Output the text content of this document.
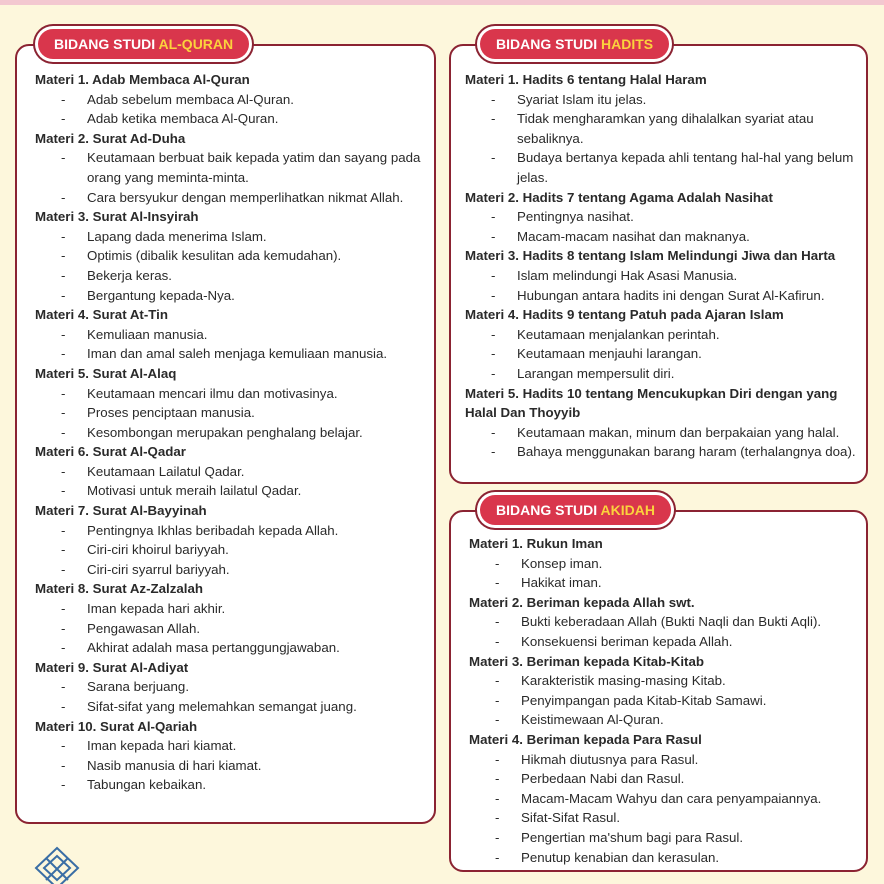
Materi 1. Adab Membaca Al-Quran
- Adab sebelum membaca Al-Quran.
- Adab ketika membaca Al-Quran.
Materi 2. Surat Ad-Duha
- Keutamaan berbuat baik kepada yatim dan sayang pada orang yang meminta-minta.
- Cara bersyukur dengan memperlihatkan nikmat Allah.
Materi 3. Surat Al-Insyirah
- Lapang dada menerima Islam.
- Optimis (dibalik kesulitan ada kemudahan).
- Bekerja keras.
- Bergantung kepada-Nya.
Materi 4. Surat At-Tin
- Kemuliaan manusia.
- Iman dan amal saleh menjaga kemuliaan manusia.
Materi 5. Surat Al-Alaq
- Keutamaan mencari ilmu dan motivasinya.
- Proses penciptaan manusia.
- Kesombongan merupakan penghalang belajar.
Materi 6. Surat Al-Qadar
- Keutamaan Lailatul Qadar.
- Motivasi untuk meraih lailatul Qadar.
Materi 7. Surat Al-Bayyinah
- Pentingnya Ikhlas beribadah kepada Allah.
- Ciri-ciri khoirul bariyyah.
- Ciri-ciri syarrul bariyyah.
Materi 8. Surat Az-Zalzalah
- Iman kepada hari akhir.
- Pengawasan Allah.
- Akhirat adalah masa pertanggungjawaban.
Materi 9. Surat Al-Adiyat
- Sarana berjuang.
- Sifat-sifat yang melemahkan semangat juang.
Materi 10. Surat Al-Qariah
- Iman kepada hari kiamat.
- Nasib manusia di hari kiamat.
- Tabungan kebaikan.
BIDANG STUDI AL-QURAN
Materi 1. Hadits 6 tentang Halal Haram
- Syariat Islam itu jelas.
- Tidak mengharamkan yang dihalalkan syariat atau sebaliknya.
- Budaya bertanya kepada ahli tentang hal-hal yang belum jelas.
Materi 2. Hadits 7 tentang Agama Adalah Nasihat
- Pentingnya nasihat.
- Macam-macam nasihat dan maknanya.
Materi 3. Hadits 8 tentang Islam Melindungi Jiwa dan Harta
- Islam melindungi Hak Asasi Manusia.
- Hubungan antara hadits ini dengan Surat Al-Kafirun.
Materi 4. Hadits 9 tentang Patuh pada Ajaran Islam
- Keutamaan menjalankan perintah.
- Keutamaan menjauhi larangan.
- Larangan mempersulit diri.
Materi 5. Hadits 10 tentang Mencukupkan Diri dengan yang Halal Dan Thoyyib
- Keutamaan makan, minum dan berpakaian yang halal.
- Bahaya menggunakan barang haram (terhalangnya doa).
BIDANG STUDI HADITS
Materi 1. Rukun Iman
- Konsep iman.
- Hakikat iman.
Materi 2. Beriman kepada Allah swt.
- Bukti keberadaan Allah (Bukti Naqli dan Bukti Aqli).
- Konsekuensi beriman kepada Allah.
Materi 3. Beriman kepada Kitab-Kitab
- Karakteristik masing-masing Kitab.
- Penyimpangan pada Kitab-Kitab Samawi.
- Keistimewaan Al-Quran.
Materi 4. Beriman kepada Para Rasul
- Hikmah diutusnya para Rasul.
- Perbedaan Nabi dan Rasul.
- Macam-Macam Wahyu dan cara penyampaiannya.
- Sifat-Sifat Rasul.
- Pengertian ma'shum bagi para Rasul.
- Penutup kenabian dan kerasulan.
BIDANG STUDI AKIDAH
